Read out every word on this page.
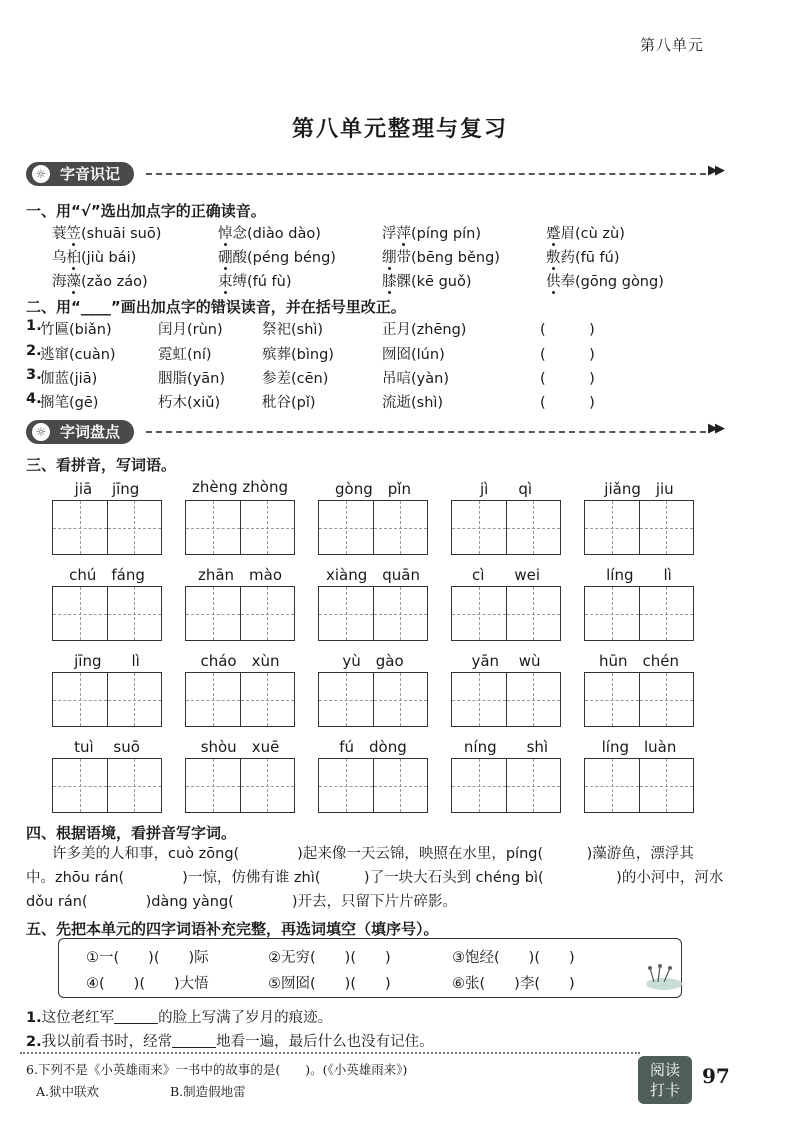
第八单元
第八单元整理与复习
☼ 字音识记	▶▶
一、用“√”选出加点字的正确读音。
蓑笠(shuāi suō)	悼念(diào dào)	浮萍(píng pín)	蹙眉(cù zù)
乌桕(jiù bái)	硼酸(péng béng)	绷带(bēng běng)	敷药(fū fú)
海藻(zǎo záo)	束缚(fú fù)	膝髁(kē guǒ)	供奉(gōng gòng)
二、用“____”画出加点字的错误读音，并在括号里改正。
1.
竹匾(biǎn)	闰月(rùn)	祭祀(shì)	正月(zhēng)	(　　　)
2.
逃窜(cuàn)	霓虹(ní)	殡葬(bìng)	囫囵(lún)	(　　　)
3.
伽蓝(jiā)	胭脂(yān)	参差(cēn)	吊唁(yàn)	(　　　)
4.
搁笔(gē)	朽木(xiǔ)	秕谷(pǐ)	流逝(shì)	(　　　)
☼ 字词盘点	▶▶
三、看拼音，写词语。
jiā　 jīng	zhèng zhòng	gòng　pǐn	jì　　qì	jiǎng　jiu
chú　fáng	zhān　mào	xiàng　quān	cì　　wei	líng　　lì
jīng　　lì	cháo　xùn	yù　gào	yān　 wù	hūn　chén
tuì　 suō	shòu　xuē	fú　dòng	níng　　shì	líng　luàn
四、根据语境，看拼音写字词。
许多美的人和事，cuò zōng(　　　　)起来像一天云锦，映照在水里，píng(　　　)藻游鱼，漂浮其
中。zhōu rán(　　　　)一惊，仿佛有谁 zhì(　　　)了一块大石头到 chéng bì(　　　　　)的小河中，河水
dǒu rán(　　　　)dàng yàng(　　　　)开去，只留下片片碎影。
五、先把本单元的四字词语补充完整，再选词填空（填序号）。
①一(　　)(　　)际	②无穷(　　)(　　)	③饱经(　　)(　　)
④(　　)(　　)大悟	⑤囫囵(　　)(　　)	⑥张(　　)李(　　)
1.这位老红军	的脸上写满了岁月的痕迹。
2.我以前看书时，经常	地看一遍，最后什么也没有记住。
6.下列不是《小英雄雨来》一书中的故事的是(　　)。(《小英雄雨来》)
A.狱中联欢	B.制造假地雷
阅读
打卡
97
